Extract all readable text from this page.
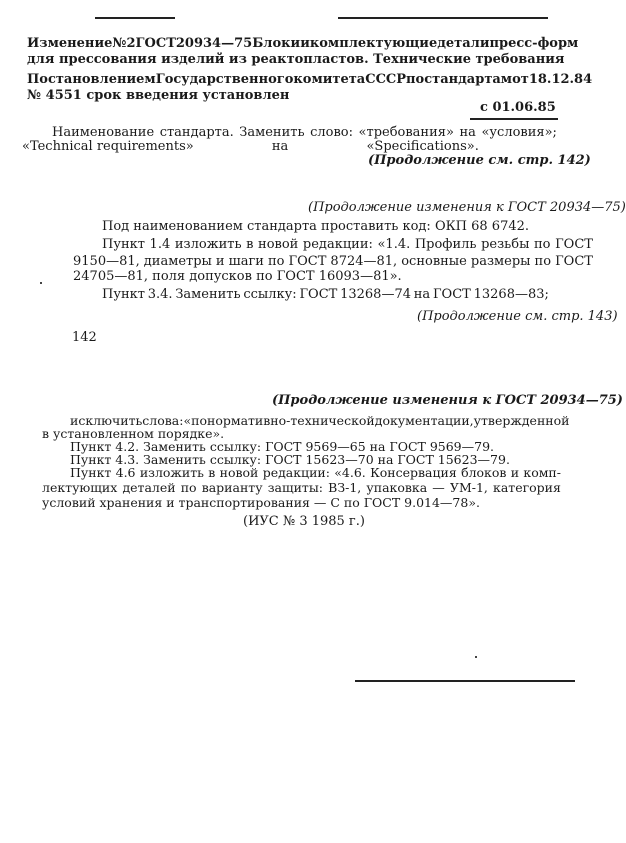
Изменение № 2 ГОСТ 20934—75 Блоки и комплектующие детали пресс-форм
для прессования изделий из реактопластов. Технические требования
Постановлением Государственного комитета СССР по стандартам от 18.12.84
№ 4551 срок введения установлен
с 01.06.85
Наименование стандарта. Заменить слово: «требования» на «условия»;
«Technical requirements»	на	«Specifications».
(Продолжение см. стр. 142)
(Продолжение изменения к ГОСТ 20934—75)
Под наименованием стандарта проставить код: ОКП 68 6742.
Пункт 1.4 изложить в новой редакции: «1.4. Профиль резьбы по ГОСТ
9150—81, диаметры и шаги по ГОСТ 8724—81, основные размеры по ГОСТ
24705—81, поля допусков по ГОСТ 16093—81».
Пункт 3.4. Заменить ссылку: ГОСТ 13268—74 на ГОСТ 13268—83;
(Продолжение см. стр. 143)
142
(Продолжение изменения к ГОСТ 20934—75)
исключить слова: «по нормативно-технической документации, утвержденной
в установленном порядке».
Пункт 4.2. Заменить ссылку: ГОСТ 9569—65 на ГОСТ 9569—79.
Пункт 4.3. Заменить ссылку: ГОСТ 15623—70 на ГОСТ 15623—79.
Пункт 4.6 изложить в новой редакции: «4.6. Консервация блоков и комп-
лектующих деталей по варианту защиты: ВЗ-1, упаковка — УМ-1, категория
условий хранения и транспортирования — С по ГОСТ 9.014—78».
(ИУС № 3 1985 г.)
